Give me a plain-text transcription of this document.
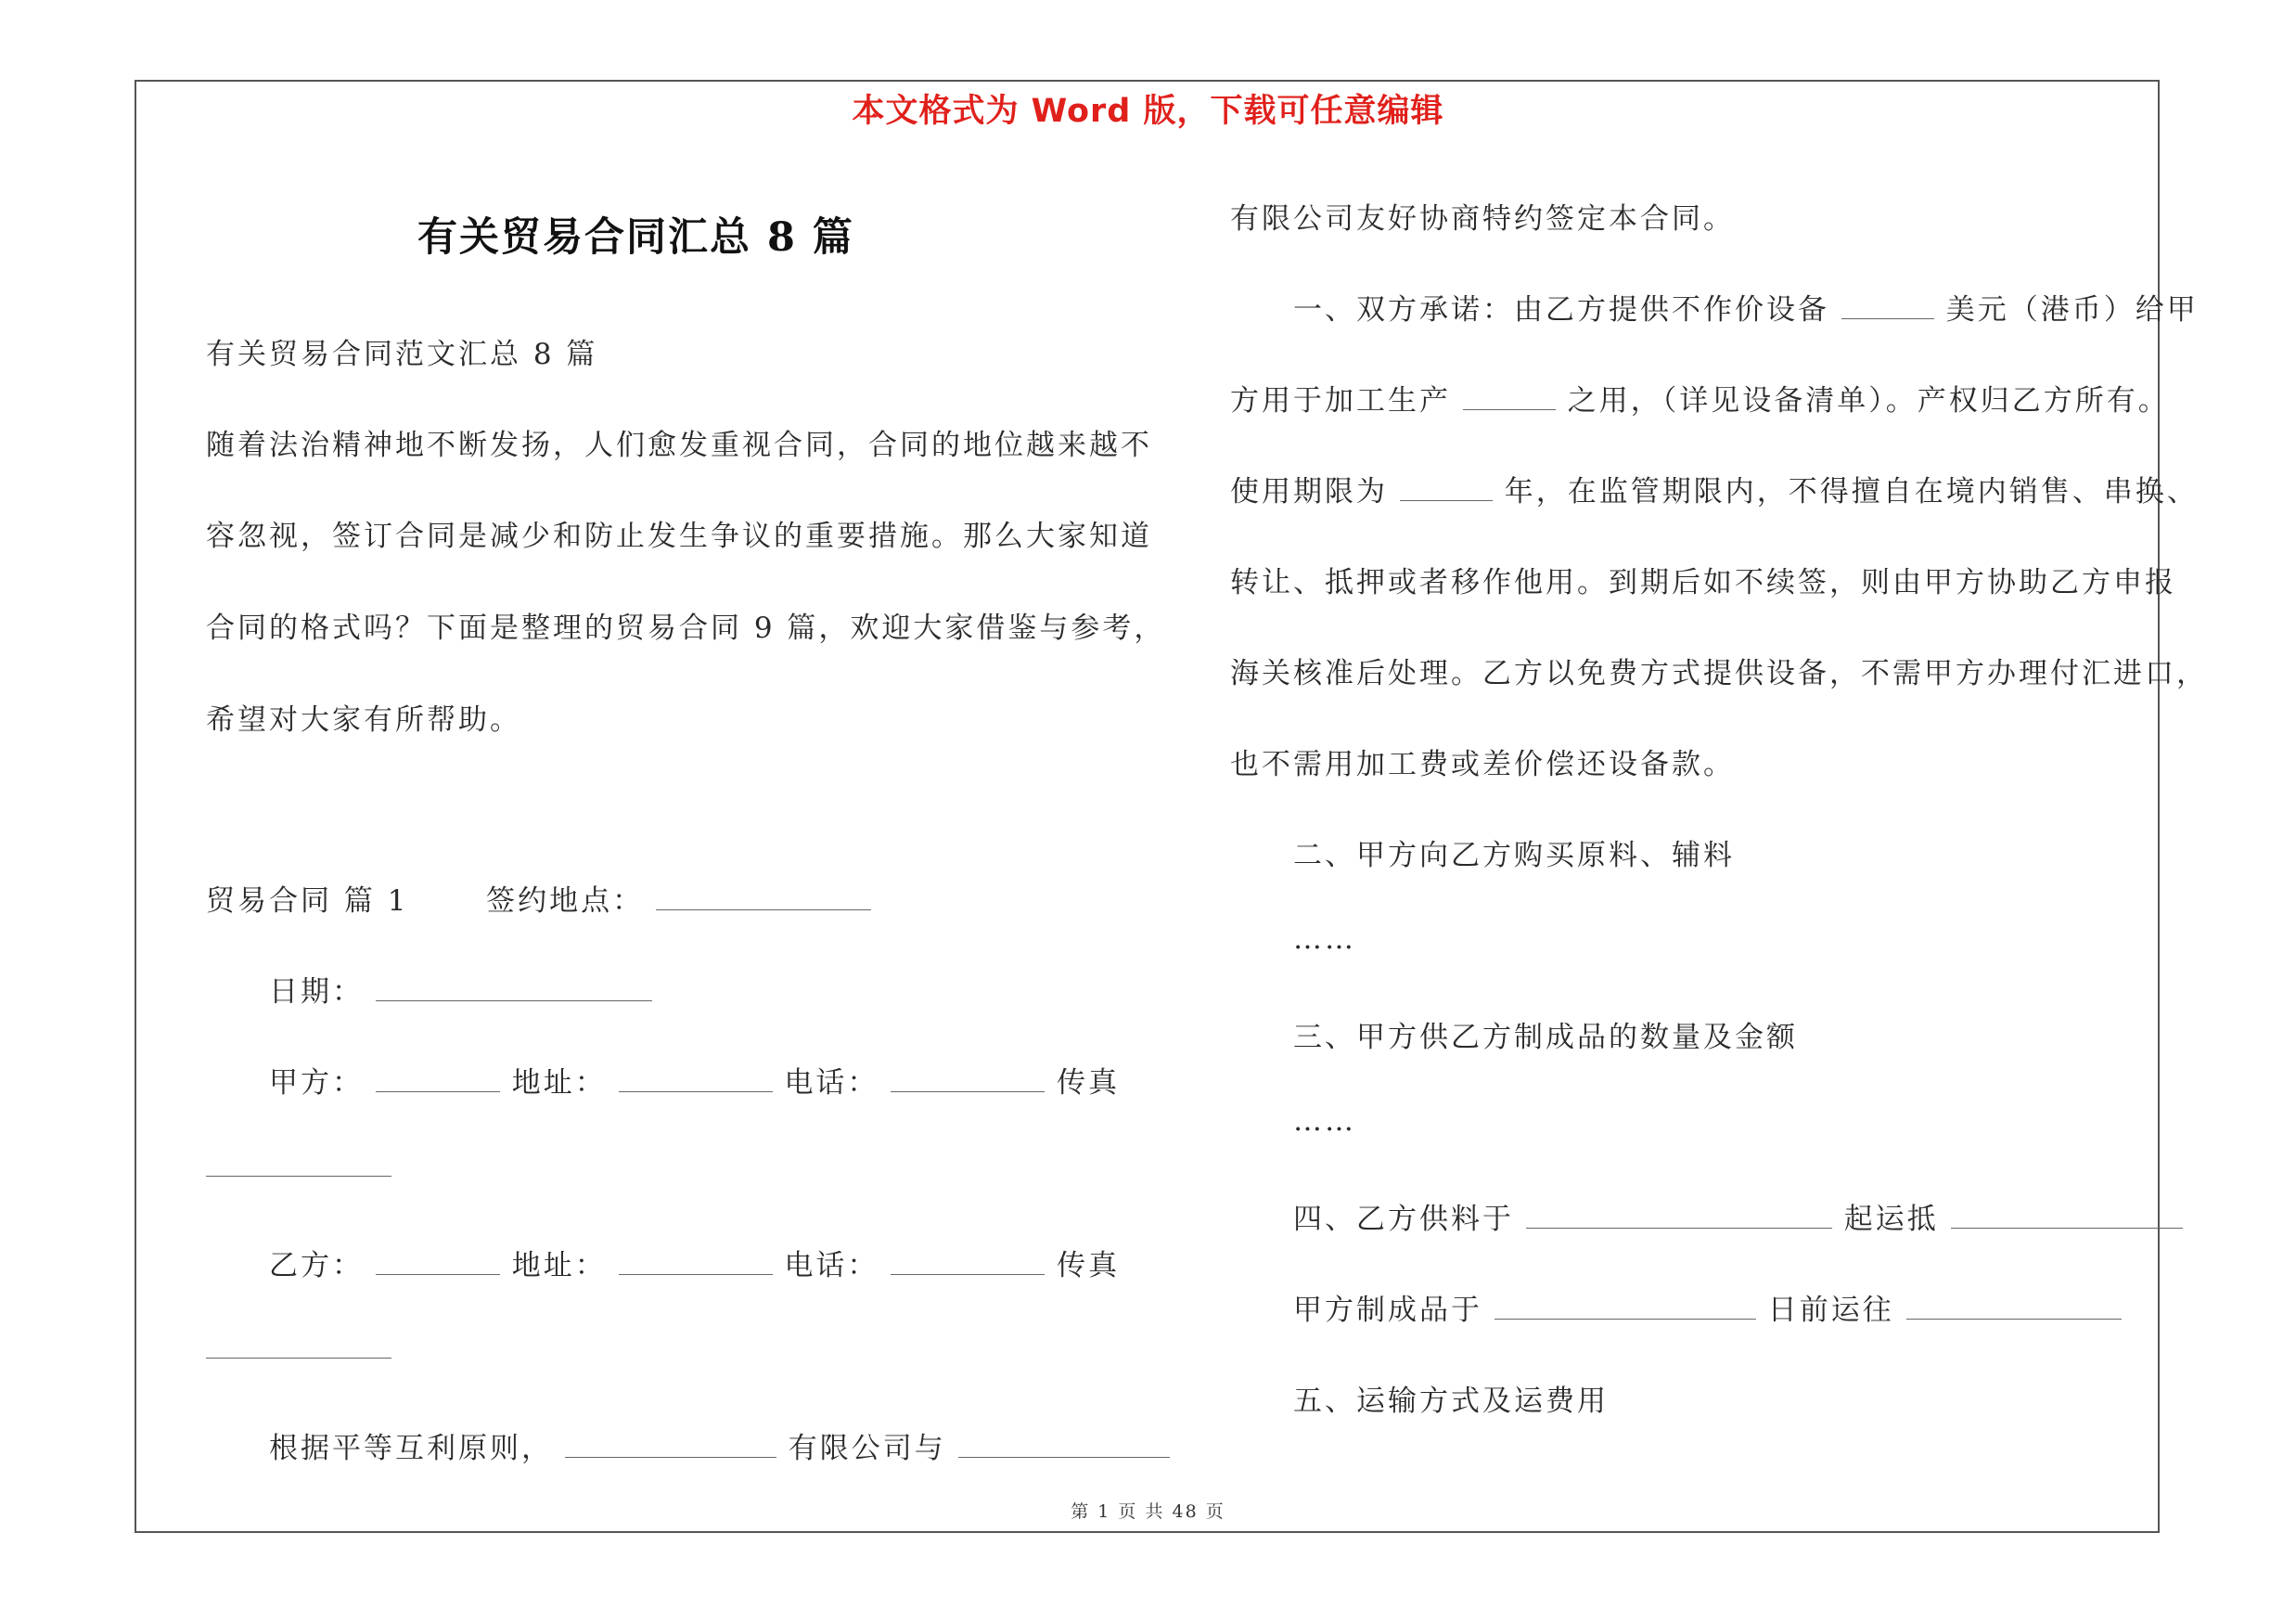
本文格式为 Word 版，下载可任意编辑
有关贸易合同汇总 8 篇
有关贸易合同范文汇总 8 篇
随着法治精神地不断发扬，人们愈发重视合同，合同的地位越来越不
容忽视，签订合同是减少和防止发生争议的重要措施。那么大家知道
合同的格式吗？下面是整理的贸易合同 9 篇，欢迎大家借鉴与参考，
希望对大家有所帮助。
贸易合同 篇 1	签约地点：
日期：
甲方：	地址：	电话：	传真
乙方：	地址：	电话：	传真
根据平等互利原则，	有限公司与
有限公司友好协商特约签定本合同。
一、双方承诺：由乙方提供不作价设备	美元（港币）给甲
方用于加工生产	之用，（详见设备清单）。产权归乙方所有。
使用期限为	年，在监管期限内，不得擅自在境内销售、串换、
转让、抵押或者移作他用。到期后如不续签，则由甲方协助乙方申报
海关核准后处理。乙方以免费方式提供设备，不需甲方办理付汇进口，
也不需用加工费或差价偿还设备款。
二、甲方向乙方购买原料、辅料
……
三、甲方供乙方制成品的数量及金额
……
四、乙方供料于	起运抵
甲方制成品于	日前运往
五、运输方式及运费用
第 1 页 共 48 页
